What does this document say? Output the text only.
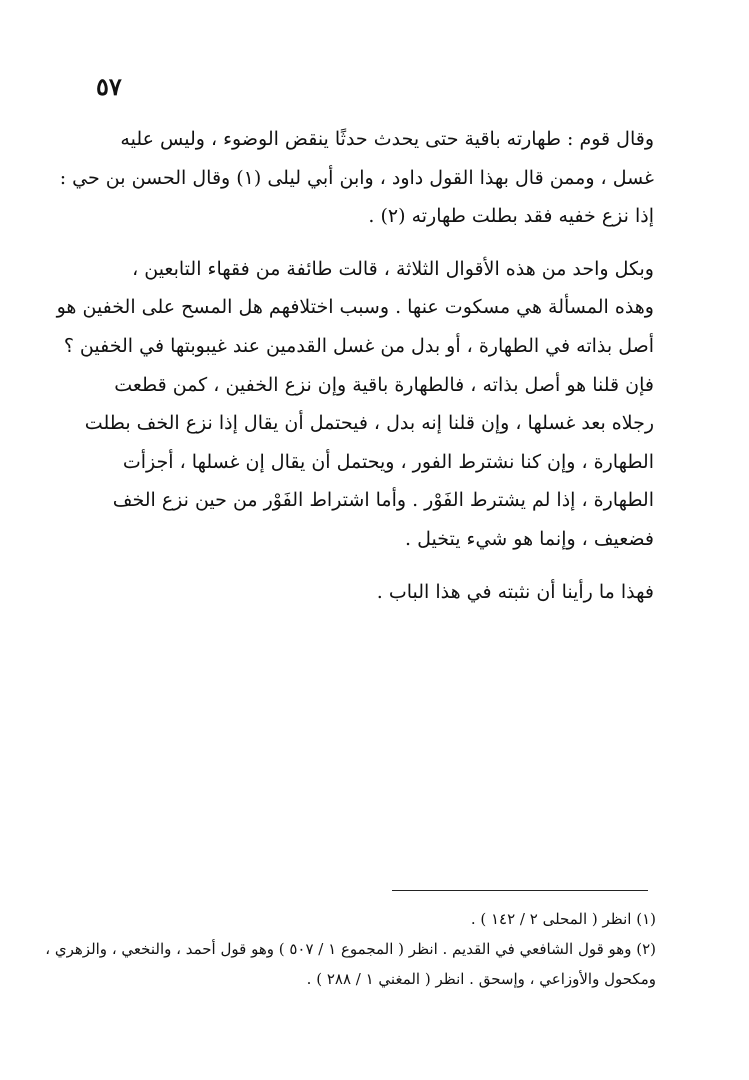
٥٧

وقال قوم : طهارته باقية حتى يحدث حدثًا ينقض الوضوء ، وليس عليه
غسل ، وممن قال بهذا القول داود ، وابن أبي ليلى (١) وقال الحسن بن حي :
إذا نزع خفيه فقد بطلت طهارته (٢) .

وبكل واحد من هذه الأقوال الثلاثة ، قالت طائفة من فقهاء التابعين ،
وهذه المسألة هي مسكوت عنها . وسبب اختلافهم هل المسح على الخفين هو
أصل بذاته في الطهارة ، أو بدل من غسل القدمين عند غيبوبتها في الخفين ؟
فإن قلنا هو أصل بذاته ، فالطهارة باقية وإن نزع الخفين ، كمن قطعت
رجلاه بعد غسلها ، وإن قلنا إنه بدل ، فيحتمل أن يقال إذا نزع الخف بطلت
الطهارة ، وإن كنا نشترط الفور ، ويحتمل أن يقال إن غسلها ، أجزأت
الطهارة ، إذا لم يشترط الفَوْر . وأما اشتراط الفَوْر من حين نزع الخف
فضعيف ، وإنما هو شيء يتخيل .

فهذا ما رأينا أن نثبته في هذا الباب .

(١) انظر ( المحلى ٢ / ١٤٢ ) .

(٢) وهو قول الشافعي في القديم . انظر ( المجموع ١ / ٥٠٧ ) وهو قول أحمد ، والنخعي ، والزهري ،
ومكحول والأوزاعي ، وإسحق . انظر ( المغني ١ / ٢٨٨ ) .
